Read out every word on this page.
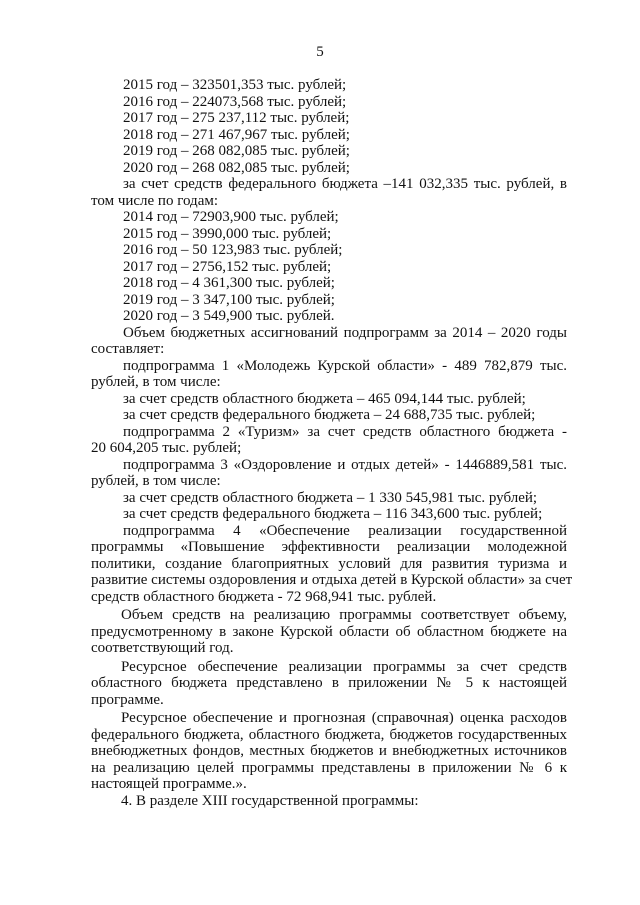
5
2015 год – 323501,353 тыс. рублей;
2016 год – 224073,568 тыс. рублей;
2017 год – 275 237,112 тыс. рублей;
2018 год – 271 467,967 тыс. рублей;
2019 год – 268 082,085 тыс. рублей;
2020 год – 268 082,085 тыс. рублей;
за счет средств федерального бюджета –141 032,335 тыс. рублей, в
том числе по годам:
2014 год – 72903,900 тыс. рублей;
2015 год – 3990,000 тыс. рублей;
2016 год – 50 123,983 тыс. рублей;
2017 год – 2756,152 тыс. рублей;
2018 год – 4 361,300 тыс. рублей;
2019 год – 3 347,100 тыс. рублей;
2020 год – 3 549,900 тыс. рублей.
Объем бюджетных ассигнований подпрограмм за 2014 – 2020 годы
составляет:
подпрограмма 1 «Молодежь Курской области» - 489 782,879 тыс.
рублей, в том числе:
за счет средств областного бюджета – 465 094,144 тыс. рублей;
за счет средств федерального бюджета – 24 688,735 тыс. рублей;
подпрограмма 2 «Туризм» за счет средств областного бюджета -
20 604,205 тыс. рублей;
подпрограмма 3 «Оздоровление и отдых детей» - 1446889,581 тыс.
рублей, в том числе:
за счет средств областного бюджета – 1 330 545,981 тыс. рублей;
за счет средств федерального бюджета – 116 343,600 тыс. рублей;
подпрограмма 4 «Обеспечение реализации государственной
программы «Повышение эффективности реализации молодежной
политики, создание благоприятных условий для развития туризма и
развитие системы оздоровления и отдыха детей в Курской области» за счет
средств областного бюджета - 72 968,941 тыс. рублей.
Объем средств на реализацию программы соответствует объему,
предусмотренному в законе Курской области об областном бюджете на
соответствующий год.
Ресурсное обеспечение реализации программы за счет средств
областного бюджета представлено в приложении № 5 к настоящей
программе.
Ресурсное обеспечение и прогнозная (справочная) оценка расходов
федерального бюджета, областного бюджета, бюджетов государственных
внебюджетных фондов, местных бюджетов и внебюджетных источников
на реализацию целей программы представлены в приложении № 6 к
настоящей программе.».
4. В разделе XIII государственной программы:
